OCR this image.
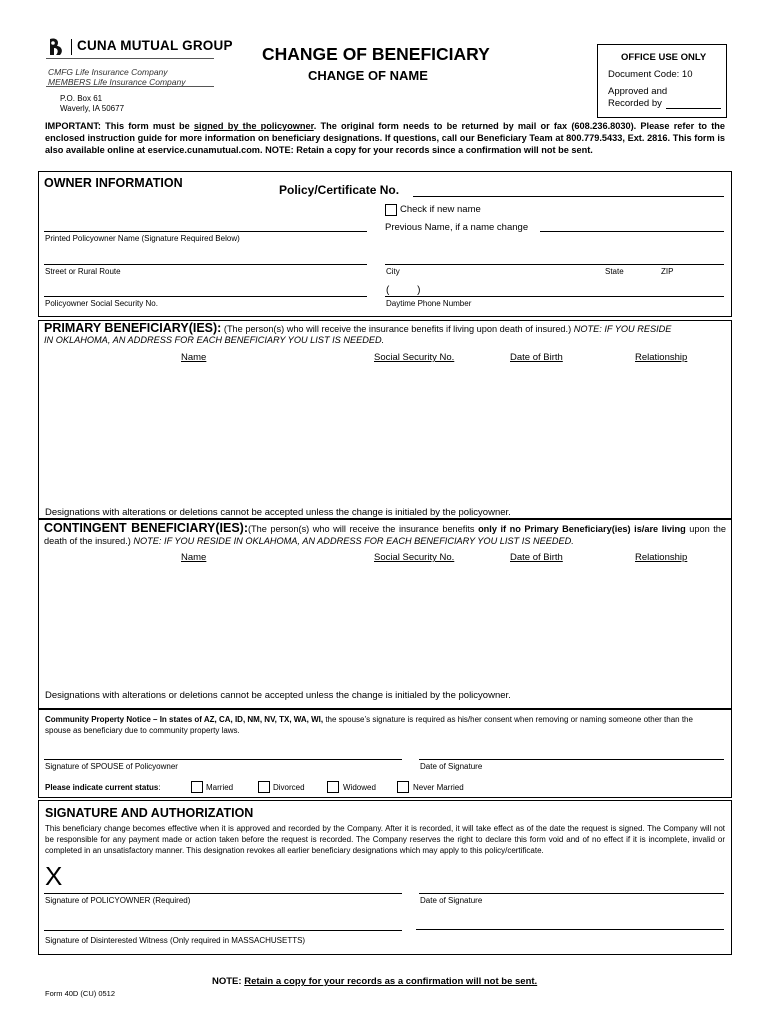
CUNA MUTUAL GROUP
CMFG Life Insurance Company
MEMBERS Life Insurance Company
P.O. Box 61
Waverly, IA 50677
CHANGE OF BENEFICIARY
CHANGE OF NAME
OFFICE USE ONLY
Document Code: 10
Approved and
Recorded by
IMPORTANT: This form must be signed by the policyowner. The original form needs to be returned by mail or fax (608.236.8030). Please refer to the enclosed instruction guide for more information on beneficiary designations. If questions, call our Beneficiary Team at 800.779.5433, Ext. 2816. This form is also available online at eservice.cunamutual.com. NOTE: Retain a copy for your records since a confirmation will not be sent.
OWNER INFORMATION	Policy/Certificate No.
Check if new name
Previous Name, if a name change
Printed Policyowner Name (Signature Required Below)
Street or Rural Route	City	State	ZIP
(          )
Policyowner Social Security No.	Daytime Phone Number
PRIMARY BENEFICIARY(IES): (The person(s) who will receive the insurance benefits if living upon death of insured.) NOTE: IF YOU RESIDE
IN OKLAHOMA, AN ADDRESS FOR EACH BENEFICIARY YOU LIST IS NEEDED.
Name	Social Security No.	Date of Birth	Relationship
Designations with alterations or deletions cannot be accepted unless the change is initialed by the policyowner.
CONTINGENT BENEFICIARY(IES):(The person(s) who will receive the insurance benefits only if no Primary Beneficiary(ies) is/are living upon the death of the insured.) NOTE: IF YOU RESIDE IN OKLAHOMA, AN ADDRESS FOR EACH BENEFICIARY YOU LIST IS NEEDED.
Name	Social Security No.	Date of Birth	Relationship
Designations with alterations or deletions cannot be accepted unless the change is initialed by the policyowner.
Community Property Notice – In states of AZ, CA, ID, NM, NV, TX, WA, WI, the spouse’s signature is required as his/her consent when removing or naming someone other than the spouse as beneficiary due to community property laws.
Signature of SPOUSE of Policyowner	Date of Signature
Please indicate current status:	Married	Divorced	Widowed	Never Married
SIGNATURE AND AUTHORIZATION
This beneficiary change becomes effective when it is approved and recorded by the Company. After it is recorded, it will take effect as of the date the request is signed. The Company will not be responsible for any payment made or action taken before the request is recorded. The Company reserves the right to declare this form void and of no effect if it is incomplete, invalid or completed in an unsatisfactory manner. This designation revokes all earlier beneficiary designations which may apply to this policy/certificate.
X
Signature of POLICYOWNER (Required)	Date of Signature
Signature of Disinterested Witness (Only required in MASSACHUSETTS)
NOTE: Retain a copy for your records as a confirmation will not be sent.
Form 40D (CU) 0512
